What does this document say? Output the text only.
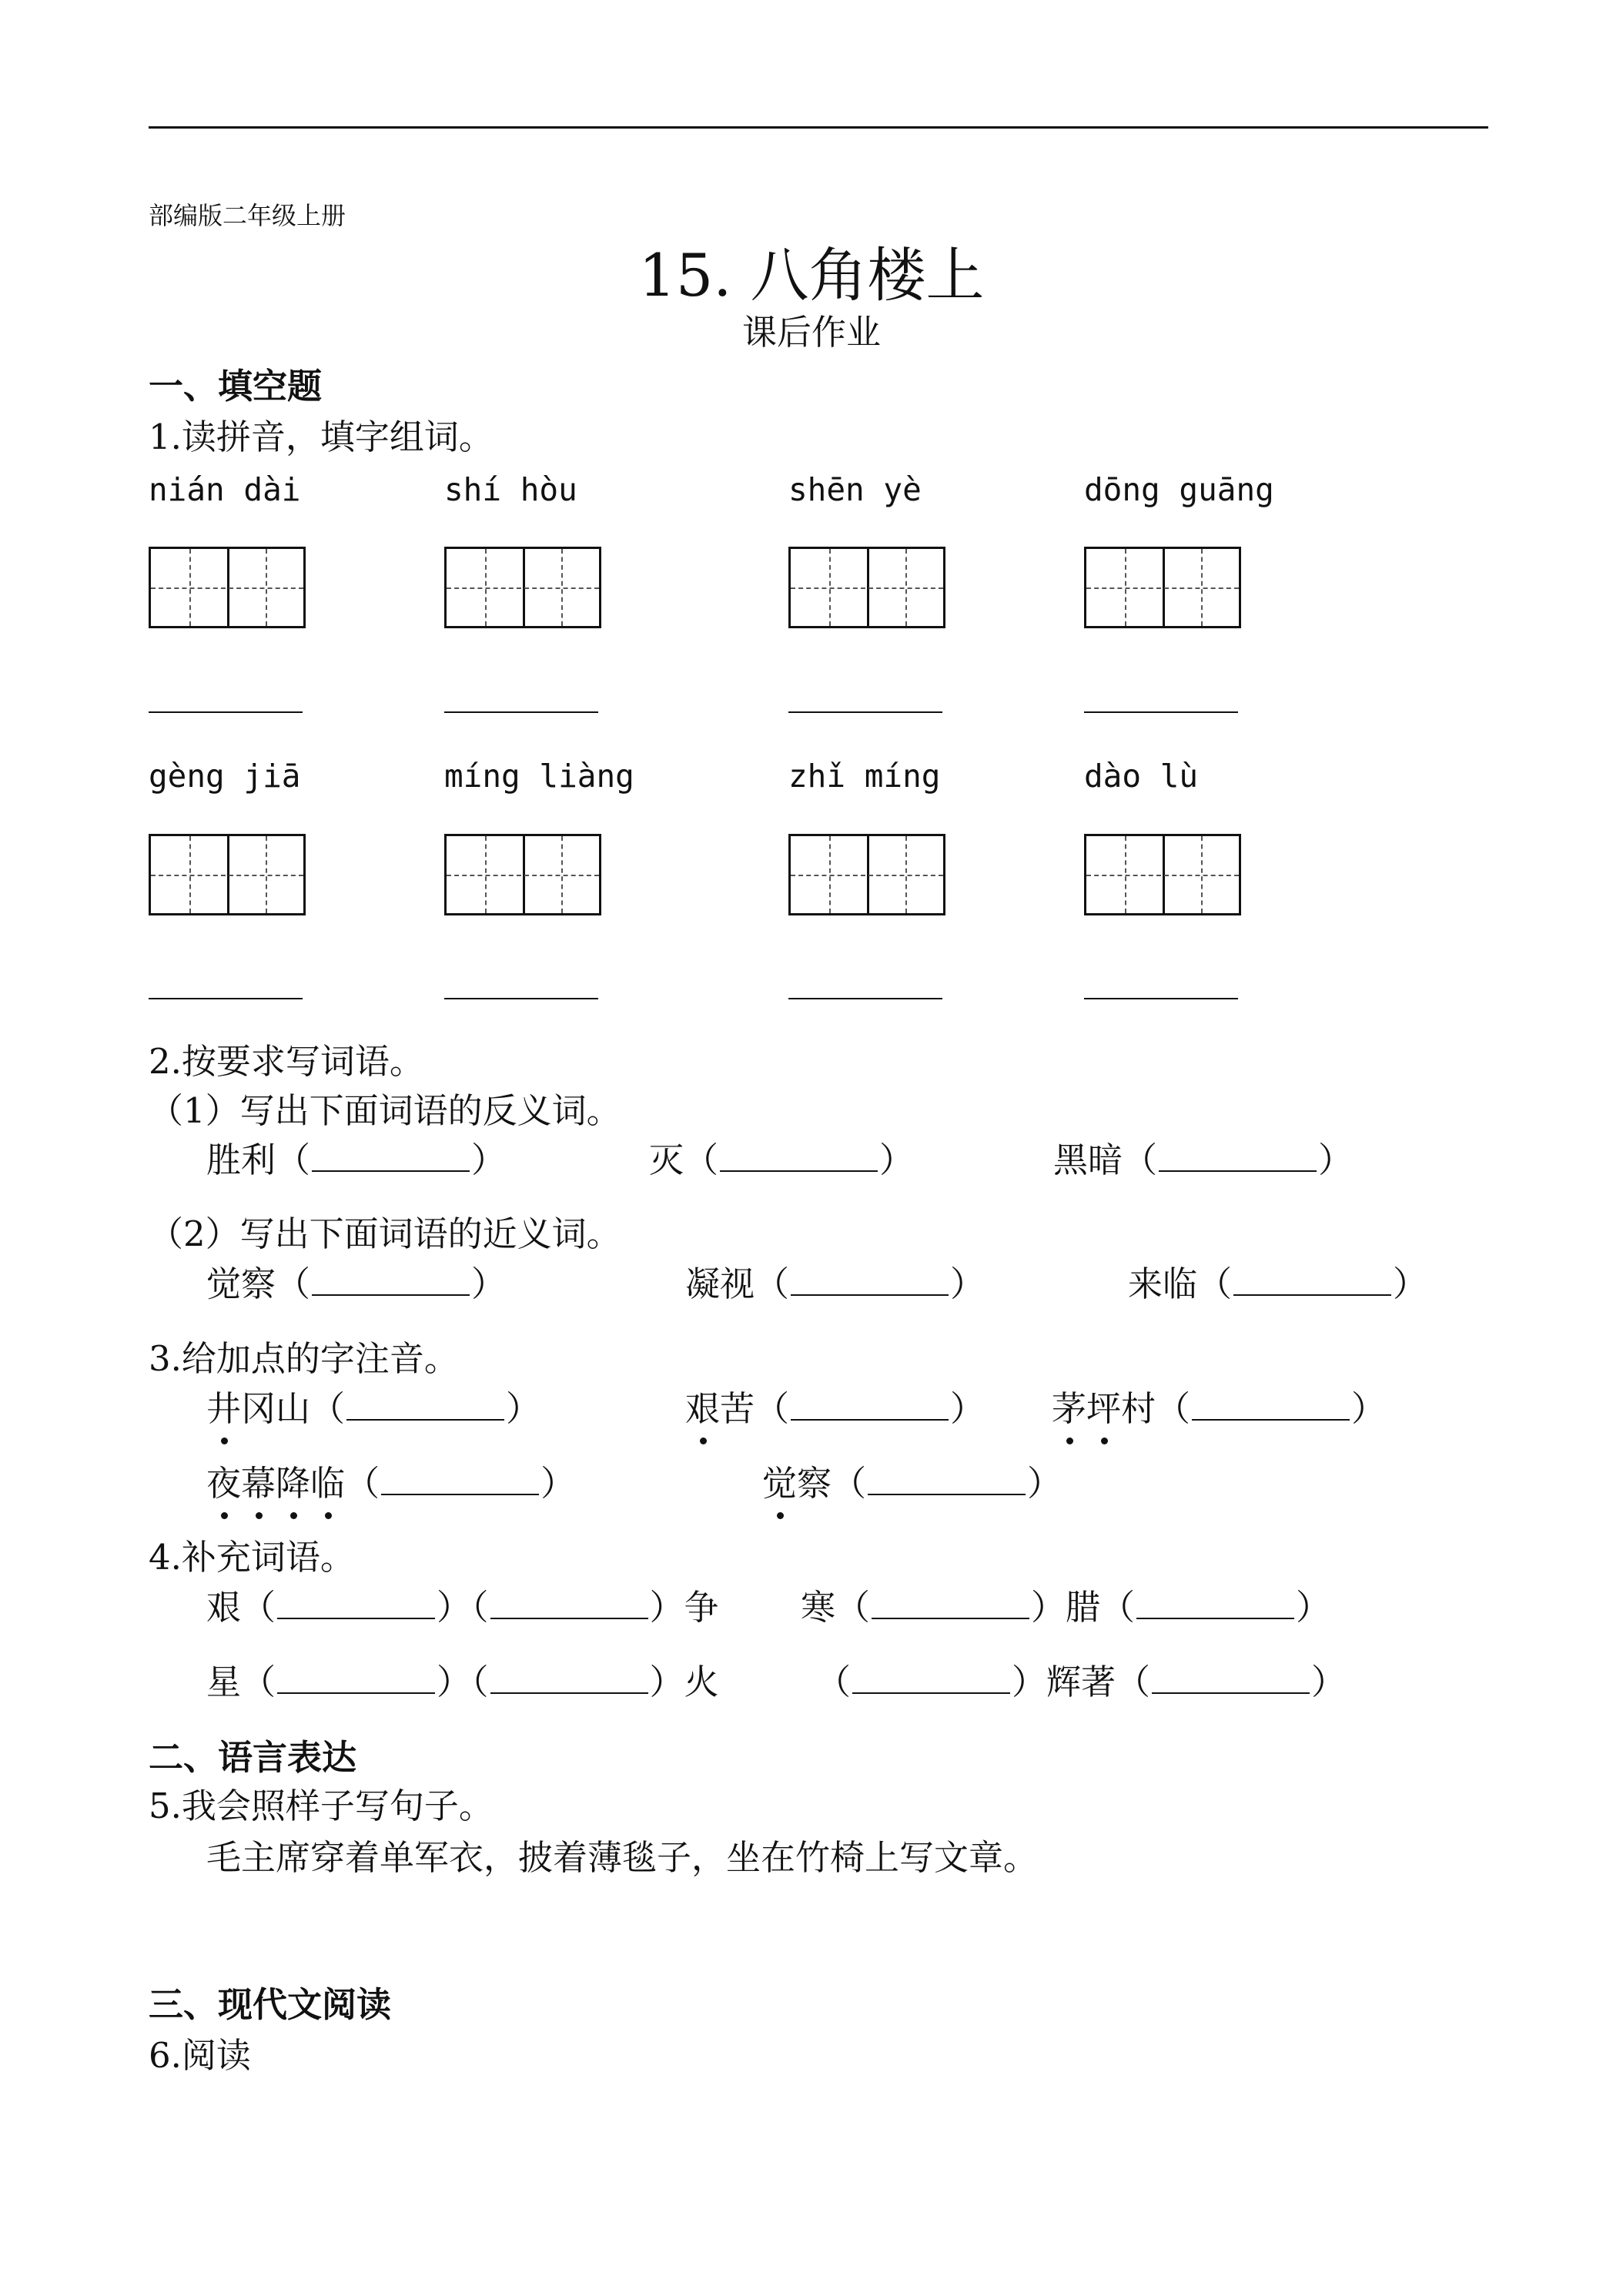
部编版二年级上册
15. 八角楼上
课后作业
一、填空题
1.读拼音，填字组词。
nián dài	shí hòu	shēn yè	dōng guāng
gèng jiā	míng liàng	zhǐ míng	dào lù
2.按要求写词语。
（1）写出下面词语的反义词。
胜利（	）	灭（	）	黑暗（	）
（2）写出下面词语的近义词。
觉察（	）	凝视（	）	来临（	）
3.给加点的字注音。
井冈山（	）	艰苦（	） 茅坪村（	）
夜幕降临（	）	觉察（	）
4.补充词语。
艰（	）（	）争 寒（	）腊（	）
星（	）（	）火	（	）辉著（	）
二、语言表达
5.我会照样子写句子。
毛主席穿着单军衣，披着薄毯子，坐在竹椅上写文章。
三、现代文阅读
6.阅读
